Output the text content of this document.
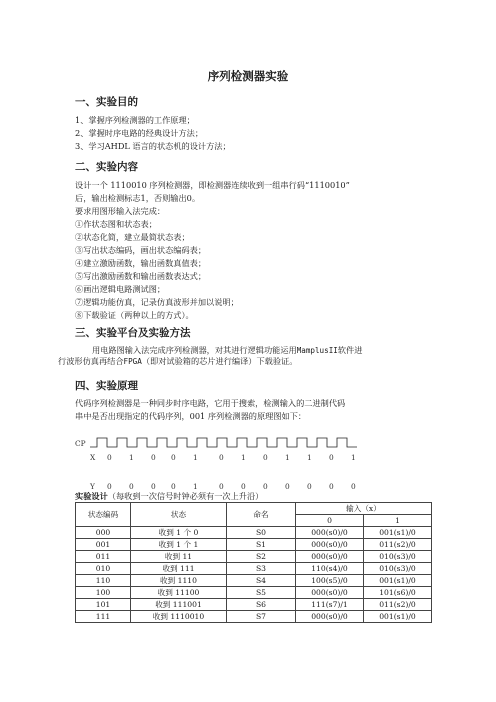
序列检测器实验
一、实验目的
1、掌握序列检测器的工作原理；
2、掌握时序电路的经典设计方法；
3、学习AHDL 语言的状态机的设计方法；
二、实验内容
设计一个 1110010 序列检测器，即检测器连续收到一组串行码“1110010”
后，输出检测标志1，否则输出0。
要求用图形输入法完成：
①作状态图和状态表；
②状态化简，建立最简状态表；
③写出状态编码，画出状态编码表；
④建立激励函数，输出函数真值表；
⑤写出激励函数和输出函数表达式；
⑥画出逻辑电路测试图；
⑦逻辑功能仿真，记录仿真波形并加以说明；
⑧下载验证（两种以上的方式）。
三、实验平台及实验方法
用电路图输入法完成序列检测器，对其进行逻辑功能运用MamplusII软件进
行波形仿真再结合FPGA（即对试验箱的芯片进行编译）下载验证。
四、实验原理
代码序列检测器是一种同步时序电路，它用于搜索，检测输入的二进制代码
串中是否出现指定的代码序列，001 序列检测器的原理图如下：
CP
X 0 1 0 0 1	0 1 0 1 1 0 1
Y 0 0 0 0 1	0 0 0 0 0 0 0
实验设计（每收到一次信号时钟必须有一次上升沿）
状态编码	状态	命名	输入（x）	
			0	1
000	收到 1 个 0	S0	000(s0)/0	001(s1)/0
001	收到 1 个 1	S1	000(s0)/0	011(s2)/0
011	收到 11	S2	000(s0)/0	010(s3)/0
010	收到 111	S3	110(s4)/0	010(s3)/0
110	收到 1110	S4	100(s5)/0	001(s1)/0
100	收到 11100	S5	000(s0)/0	101(s6)/0
101	收到 111001	S6	111(s7)/1	011(s2)/0
111	收到 1110010	S7	000(s0)/0	001(s1)/0
